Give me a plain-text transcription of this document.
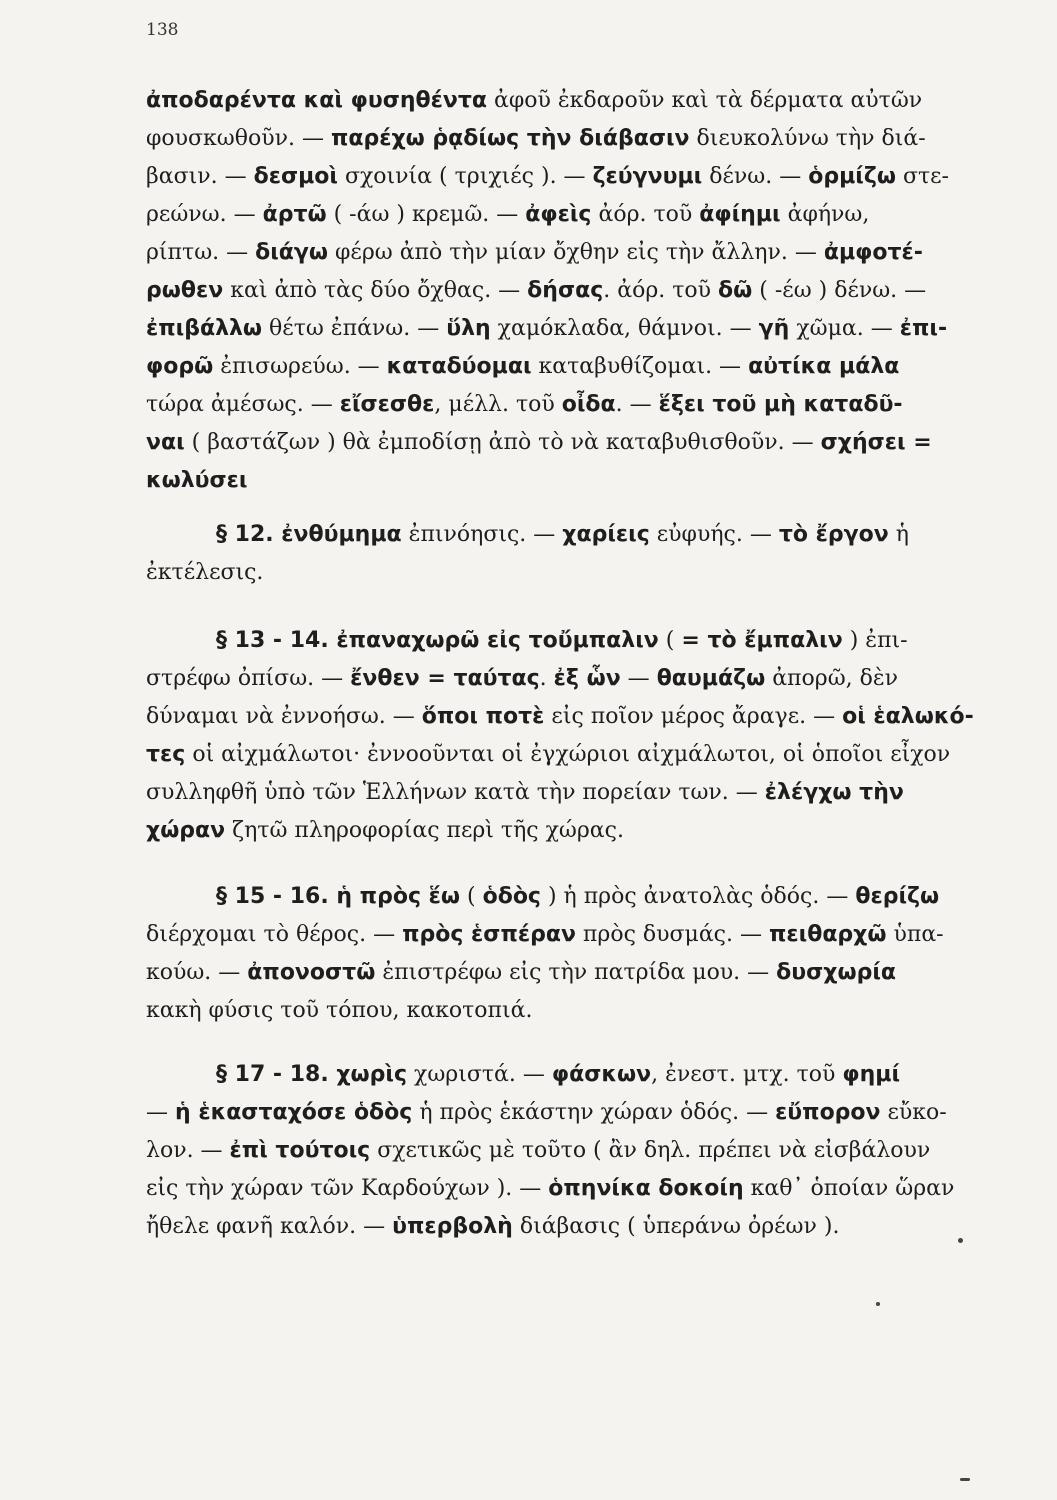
138
ἀποδαρέντα καὶ φυσηθέντα ἀφοῦ ἐκδαροῦν καὶ τὰ δέρματα αὐτῶν
φουσκωθοῦν. — παρέχω ῥᾳδίως τὴν διάβασιν διευκολύνω τὴν διά-
βασιν. — δεσμοὶ σχοινία ( τριχιές ). — ζεύγνυμι δένω. — ὁρμίζω στε-
ρεώνω. — ἀρτῶ ( -άω ) κρεμῶ. — ἀφεὶς ἀόρ. τοῦ ἀφίημι ἀφήνω,
ρίπτω. — διάγω φέρω ἀπὸ τὴν μίαν ὄχθην εἰς τὴν ἄλλην. — ἀμφοτέ-
ρωθεν καὶ ἀπὸ τὰς δύο ὄχθας. — δήσας. ἀόρ. τοῦ δῶ ( -έω ) δένω. —
ἐπιβάλλω θέτω ἐπάνω. — ὕλη χαμόκλαδα, θάμνοι. — γῆ χῶμα. — ἐπι-
φορῶ ἐπισωρεύω. — καταδύομαι καταβυθίζομαι. — αὐτίκα μάλα
τώρα ἀμέσως. — εἴσεσθε, μέλλ. τοῦ οἶδα. — ἕξει τοῦ μὴ καταδῦ-
ναι ( βαστάζων ) θὰ ἐμποδίσῃ ἀπὸ τὸ νὰ καταβυθισθοῦν. — σχήσει =
κωλύσει
§ 12. ἐνθύμημα ἐπινόησις. — χαρίεις εὐφυής. — τὸ ἔργον ἡ
ἐκτέλεσις.
§ 13 - 14. ἐπαναχωρῶ εἰς τοὔμπαλιν ( = τὸ ἔμπαλιν ) ἐπι-
στρέφω ὀπίσω. — ἔνθεν = ταύτας. ἐξ ὧν — θαυμάζω ἀπορῶ, δὲν
δύναμαι νὰ ἐννοήσω. — ὅποι ποτὲ εἰς ποῖον μέρος ἄραγε. — οἱ ἑαλωκό-
τες οἱ αἰχμάλωτοι· ἐννοοῦνται οἱ ἐγχώριοι αἰχμάλωτοι, οἱ ὁποῖοι εἶχον
συλληφθῆ ὑπὸ τῶν Ἑλλήνων κατὰ τὴν πορείαν των. — ἐλέγχω τὴν
χώραν ζητῶ πληροφορίας περὶ τῆς χώρας.
§ 15 - 16. ἡ πρὸς ἕω ( ὁδὸς ) ἡ πρὸς ἀνατολὰς ὁδός. — θερίζω
διέρχομαι τὸ θέρος. — πρὸς ἑσπέραν πρὸς δυσμάς. — πειθαρχῶ ὑπα-
κούω. — ἀπονοστῶ ἐπιστρέφω εἰς τὴν πατρίδα μου. — δυσχωρία
κακὴ φύσις τοῦ τόπου, κακοτοπιά.
§ 17 - 18. χωρὶς χωριστά. — φάσκων, ἐνεστ. μτχ. τοῦ φημί
— ἡ ἑκασταχόσε ὁδὸς ἡ πρὸς ἑκάστην χώραν ὁδός. — εὔπορον εὔκο-
λον. — ἐπὶ τούτοις σχετικῶς μὲ τοῦτο ( ἂν δηλ. πρέπει νὰ εἰσβάλουν
εἰς τὴν χώραν τῶν Καρδούχων ). — ὁπηνίκα δοκοίη καθ᾽ ὁποίαν ὥραν
ἤθελε φανῆ καλόν. — ὑπερβολὴ διάβασις ( ὑπεράνω ὀρέων ).
